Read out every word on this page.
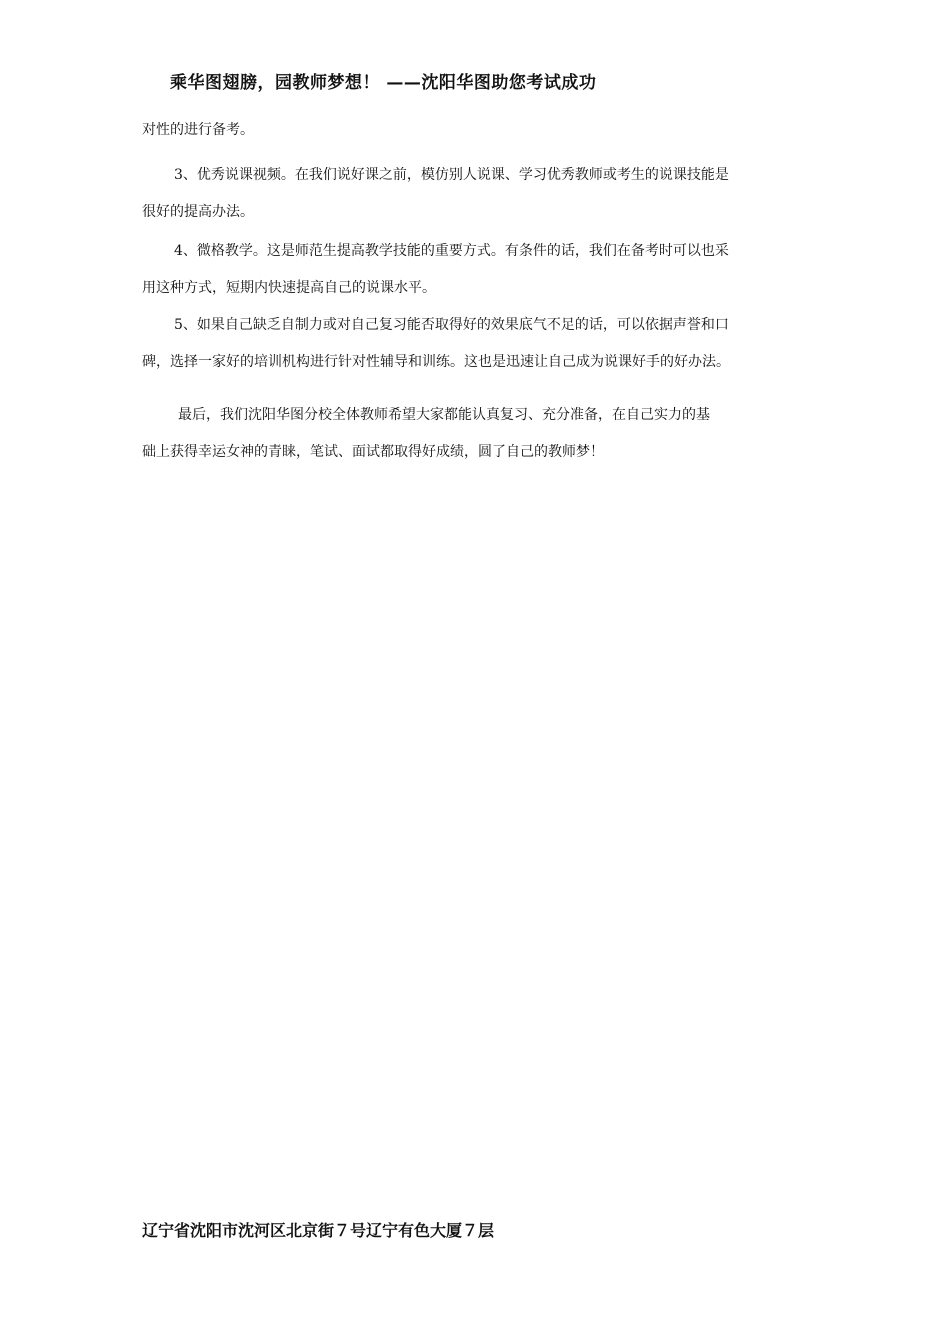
乘华图翅膀，园教师梦想！ ——沈阳华图助您考试成功
对性的进行备考。
3、优秀说课视频。在我们说好课之前，模仿别人说课、学习优秀教师或考生的说课技能是
很好的提高办法。
4、微格教学。这是师范生提高教学技能的重要方式。有条件的话，我们在备考时可以也采
用这种方式，短期内快速提高自己的说课水平。
5、如果自己缺乏自制力或对自己复习能否取得好的效果底气不足的话，可以依据声誉和口
碑，选择一家好的培训机构进行针对性辅导和训练。这也是迅速让自己成为说课好手的好办法。
最后，我们沈阳华图分校全体教师希望大家都能认真复习、充分准备，在自己实力的基
础上获得幸运女神的青睐，笔试、面试都取得好成绩，圆了自己的教师梦！
辽宁省沈阳市沈河区北京街７号辽宁有色大厦７层
